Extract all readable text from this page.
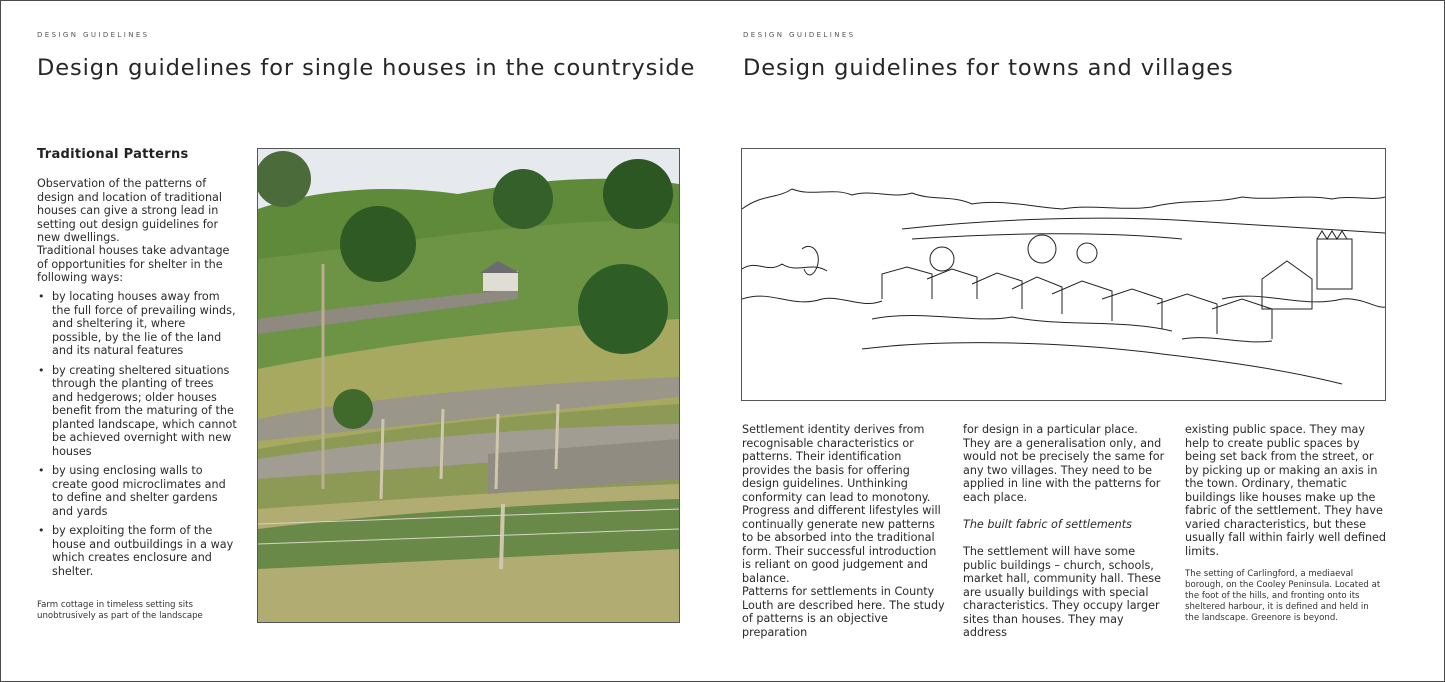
DESIGN GUIDELINES
Design guidelines for single houses in the countryside
Traditional Patterns

Observation of the patterns of design and location of traditional houses can give a strong lead in setting out design guidelines for new dwellings.

Traditional houses take advantage of opportunities for shelter in the following ways:

• by locating houses away from the full force of prevailing winds, and sheltering it, where possible, by the lie of the land and its natural features
• by creating sheltered situations through the planting of trees and hedgerows; older houses benefit from the maturing of the planted landscape, which cannot be achieved overnight with new houses
• by using enclosing walls to create good microclimates and to define and shelter gardens and yards
• by exploiting the form of the house and outbuildings in a way which creates enclosure and shelter.

Farm cottage in timeless setting sits unobtrusively as part of the landscape

DESIGN GUIDELINES
Design guidelines for towns and villages

Settlement identity derives from recognisable characteristics or patterns. Their identification provides the basis for offering design guidelines. Unthinking conformity can lead to monotony. Progress and different lifestyles will continually generate new patterns to be absorbed into the traditional form. Their successful introduction is reliant on good judgement and balance.

Patterns for settlements in County Louth are described here. The study of patterns is an objective preparation

for design in a particular place. They are a generalisation only, and would not be precisely the same for any two villages. They need to be applied in line with the patterns for each place.

The built fabric of settlements

The settlement will have some public buildings – church, schools, market hall, community hall. These are usually buildings with special characteristics. They occupy larger sites than houses. They may address

existing public space. They may help to create public spaces by being set back from the street, or by picking up or making an axis in the town. Ordinary, thematic buildings like houses make up the fabric of the settlement. They have varied characteristics, but these usually fall within fairly well defined limits.

The setting of Carlingford, a mediaeval borough, on the Cooley Peninsula. Located at the foot of the hills, and fronting onto its sheltered harbour, it is defined and held in the landscape. Greenore is beyond.
